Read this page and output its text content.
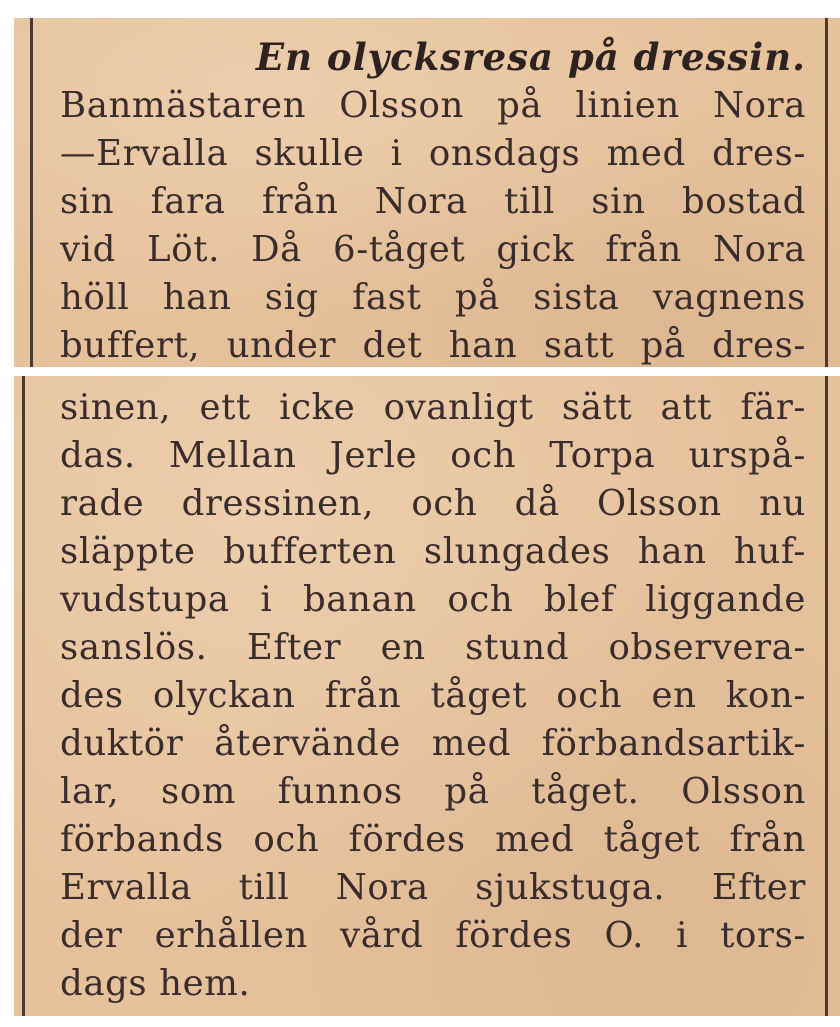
En olycksresa på dressin.
Banmästaren Olsson på linien Nora
—Ervalla skulle i onsdags med dres-
sin fara från Nora till sin bostad
vid Löt. Då 6-tåget gick från Nora
höll han sig fast på sista vagnens
buffert, under det han satt på dres-
sinen, ett icke ovanligt sätt att fär-
das. Mellan Jerle och Torpa urspå-
rade dressinen, och då Olsson nu
släppte bufferten slungades han huf-
vudstupa i banan och blef liggande
sanslös. Efter en stund observera-
des olyckan från tåget och en kon-
duktör återvände med förbandsartik-
lar, som funnos på tåget. Olsson
förbands och fördes med tåget från
Ervalla till Nora sjukstuga. Efter
der erhållen vård fördes O. i tors-
dags hem.
